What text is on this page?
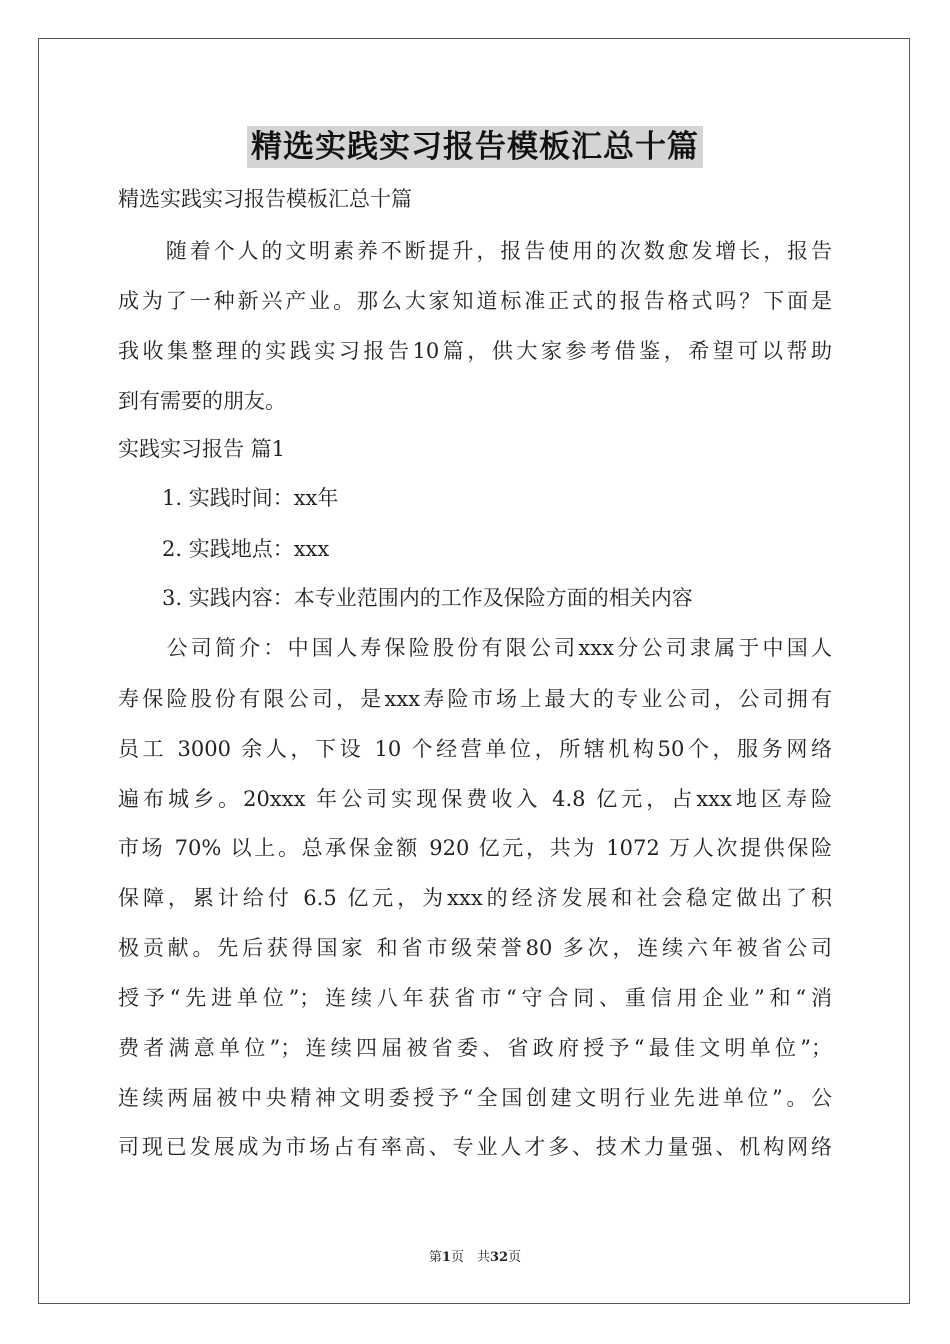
精选实践实习报告模板汇总十篇
精选实践实习报告模板汇总十篇
　　随着个人的文明素养不断提升，报告使用的次数愈发增长，报告
成为了一种新兴产业。那么大家知道标准正式的报告格式吗？下面是
我收集整理的实践实习报告10篇，供大家参考借鉴，希望可以帮助
到有需要的朋友。
实践实习报告 篇1
1. 实践时间：xx年
2. 实践地点：xxx
3. 实践内容：本专业范围内的工作及保险方面的相关内容
　　公司简介：中国人寿保险股份有限公司xxx分公司隶属于中国人
寿保险股份有限公司，是xxx寿险市场上最大的专业公司，公司拥有
员工 3000 余人，下设 10 个经营单位，所辖机构50个，服务网络
遍布城乡。20xxx 年公司实现保费收入 4.8 亿元，占xxx地区寿险
市场 70% 以上。总承保金额 920 亿元，共为 1072 万人次提供保险
保障，累计给付 6.5 亿元，为xxx的经济发展和社会稳定做出了积
极贡献。先后获得国家 和省市级荣誉80 多次，连续六年被省公司
授予“先进单位”；连续八年获省市“守合同、重信用企业”和“消
费者满意单位”；连续四届被省委、省政府授予“最佳文明单位”；
连续两届被中央精神文明委授予“全国创建文明行业先进单位”。公
司现已发展成为市场占有率高、专业人才多、技术力量强、机构网络
第1页　共32页
